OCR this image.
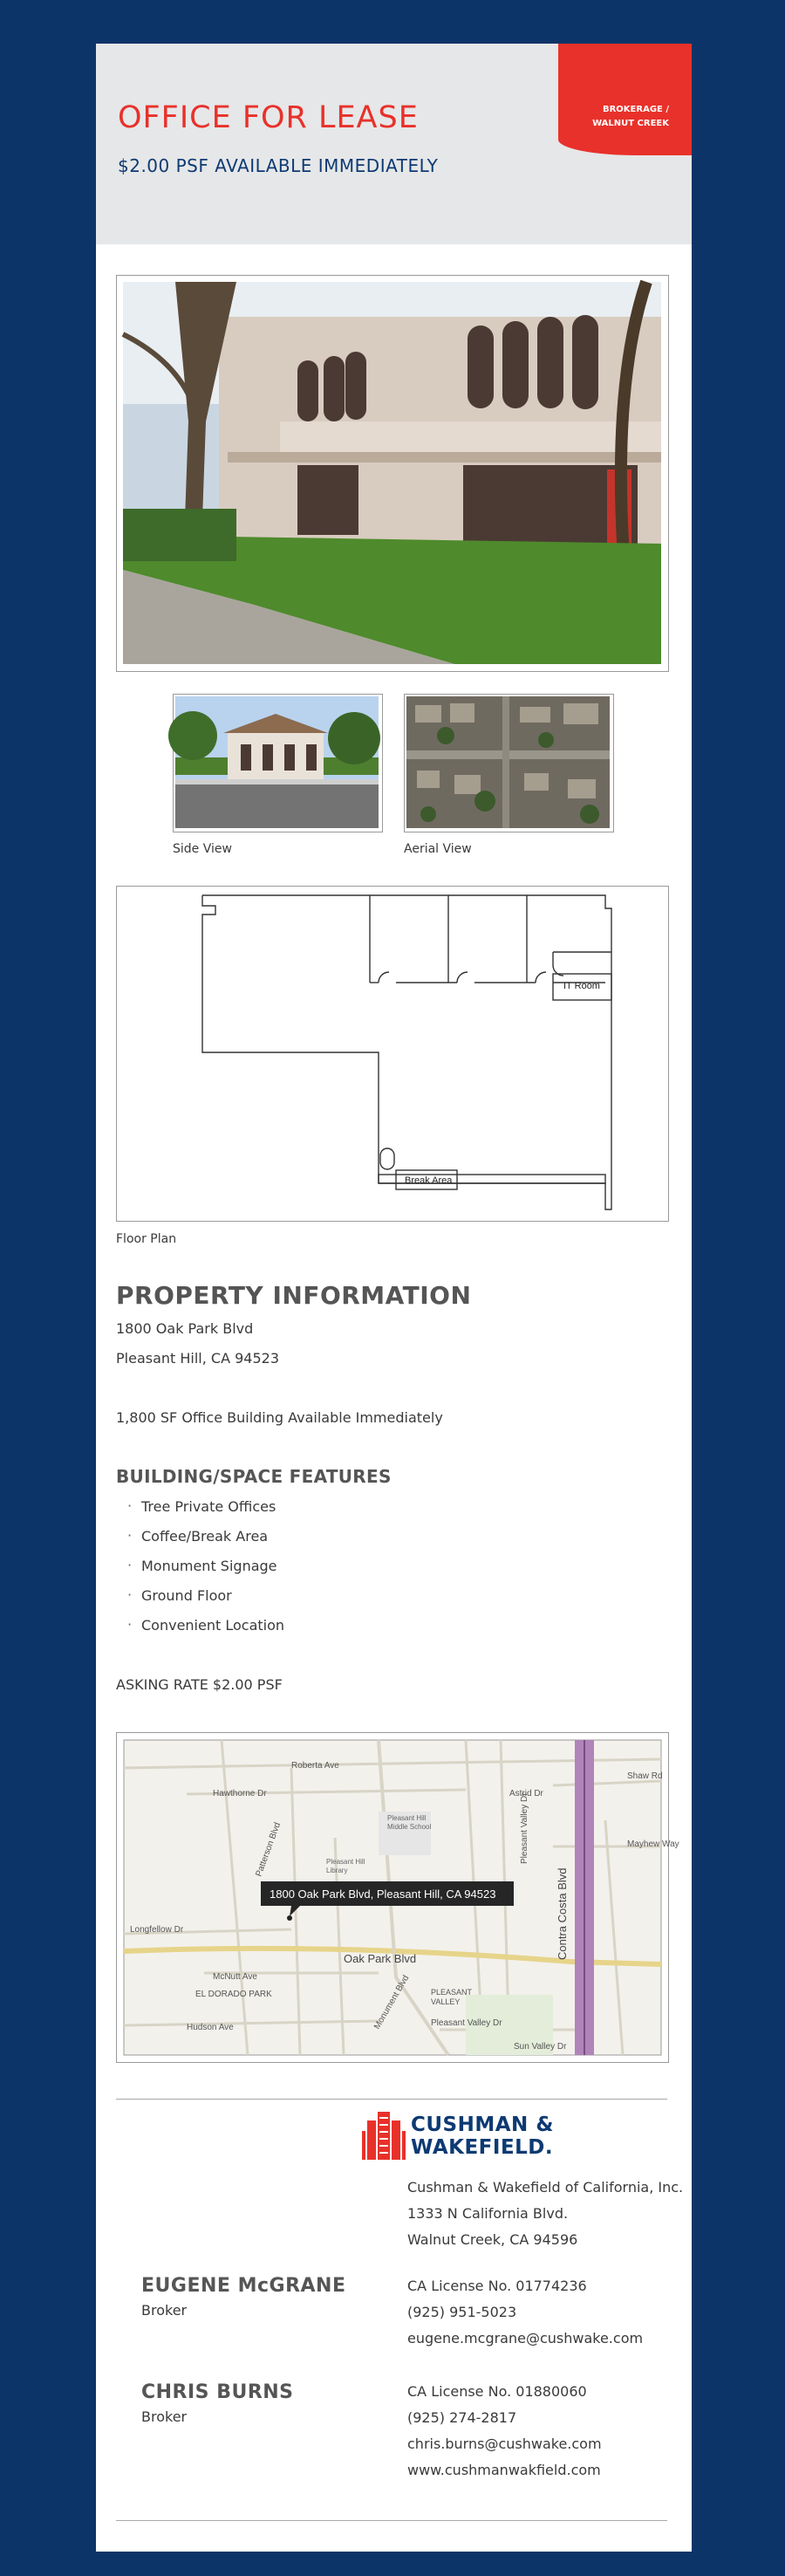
OFFICE FOR LEASE
$2.00 PSF AVAILABLE IMMEDIATELY
BROKERAGE /
WALNUT CREEK
Side View	Aerial View
IT Room
Break Area
Floor Plan
PROPERTY INFORMATION
1800 Oak Park Blvd
Pleasant Hill, CA 94523
1,800 SF Office Building Available Immediately
BUILDING/SPACE FEATURES
· Tree Private Offices
· Coffee/Break Area
· Monument Signage
· Ground Floor
· Convenient Location
ASKING RATE $2.00 PSF
Roberta Ave
Hawthorne Dr
Oak Park Blvd
McNutt Ave
Hudson Ave
Longfellow Dr
Pleasant Valley Dr
Sun Valley Dr
Astrid Dr
Shaw Rd
Mayhew Way
EL DORADO PARK	PLEASANT
VALLEY
Patterson Blvd
Contra Costa Blvd
Pleasant Valley Dr
Monument Blvd
Pleasant Hill
Middle School
Pleasant Hill
Library
1800 Oak Park Blvd, Pleasant Hill, CA 94523
CUSHMAN &
WAKEFIELD.
Cushman & Wakefield of California, Inc.
1333 N California Blvd.
Walnut Creek, CA 94596
EUGENE McGRANE
Broker
CA License No. 01774236
(925) 951-5023
eugene.mcgrane@cushwake.com
CHRIS BURNS
Broker
CA License No. 01880060
(925) 274-2817
chris.burns@cushwake.com
www.cushmanwakfield.com
